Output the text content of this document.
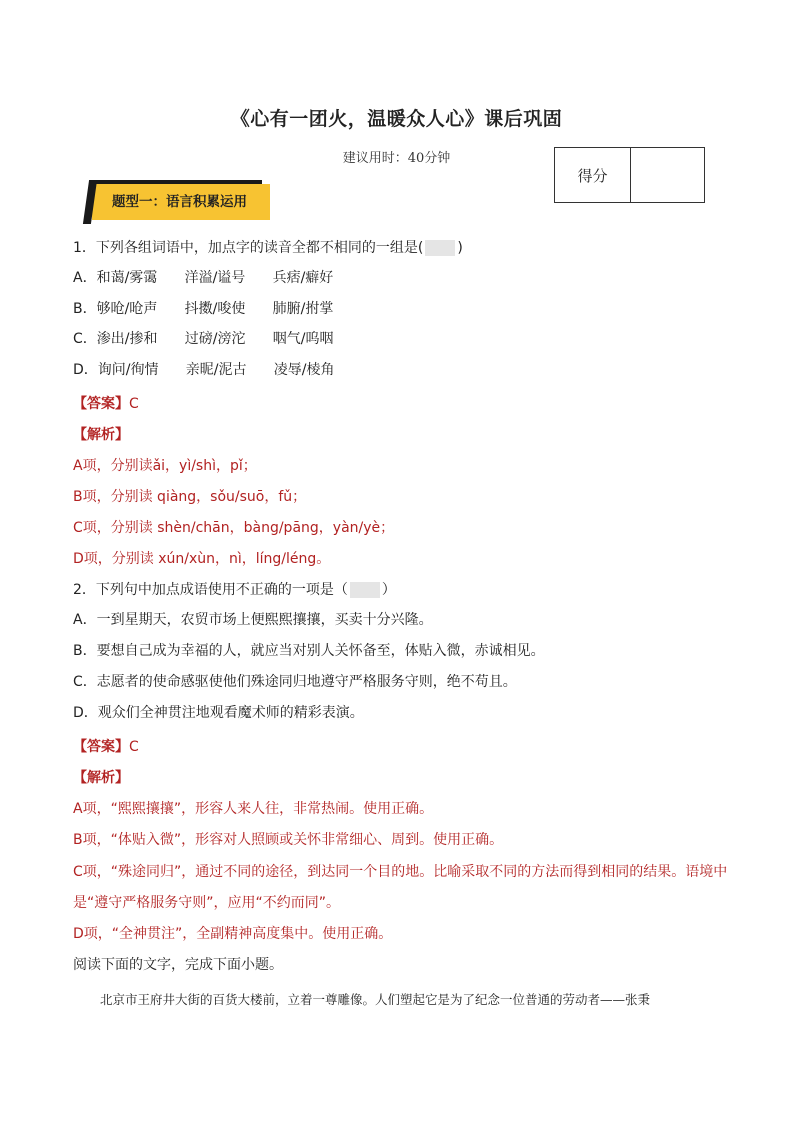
《心有一团火，温暖众人心》课后巩固
建议用时：40分钟
得分
题型一：语言积累运用
1．下列各组词语中，加点字的读音全都不相同的一组是( )
A．和蔼/雾霭 洋溢/谥号 兵痞/癖好
B．够呛/呛声 抖擞/唆使 肺腑/拊掌
C．渗出/掺和 过磅/滂沱 咽气/呜咽
D．询问/徇情 亲昵/泥古 凌辱/棱角
【答案】C
【解析】
A项，分别读ǎi，yì/shì，pǐ；
B项，分别读 qiàng，sǒu/suō，fǔ；
C项，分别读 shèn/chān，bàng/pāng，yàn/yè；
D项，分别读 xún/xùn，nì，líng/léng。
2．下列句中加点成语使用不正确的一项是（ ）
A．一到星期天，农贸市场上便熙熙攘攘，买卖十分兴隆。
B．要想自己成为幸福的人，就应当对别人关怀备至，体贴入微，赤诚相见。
C．志愿者的使命感驱使他们殊途同归地遵守严格服务守则，绝不苟且。
D．观众们全神贯注地观看魔术师的精彩表演。
【答案】C
【解析】
A项，“熙熙攘攘”，形容人来人往，非常热闹。使用正确。
B项，“体贴入微”，形容对人照顾或关怀非常细心、周到。使用正确。
C项，“殊途同归”，通过不同的途径，到达同一个目的地。比喻采取不同的方法而得到相同的结果。语境中
是“遵守严格服务守则”，应用“不约而同”。
D项，“全神贯注”，全副精神高度集中。使用正确。
阅读下面的文字，完成下面小题。
北京市王府井大街的百货大楼前，立着一尊雕像。人们塑起它是为了纪念一位普通的劳动者——张秉
